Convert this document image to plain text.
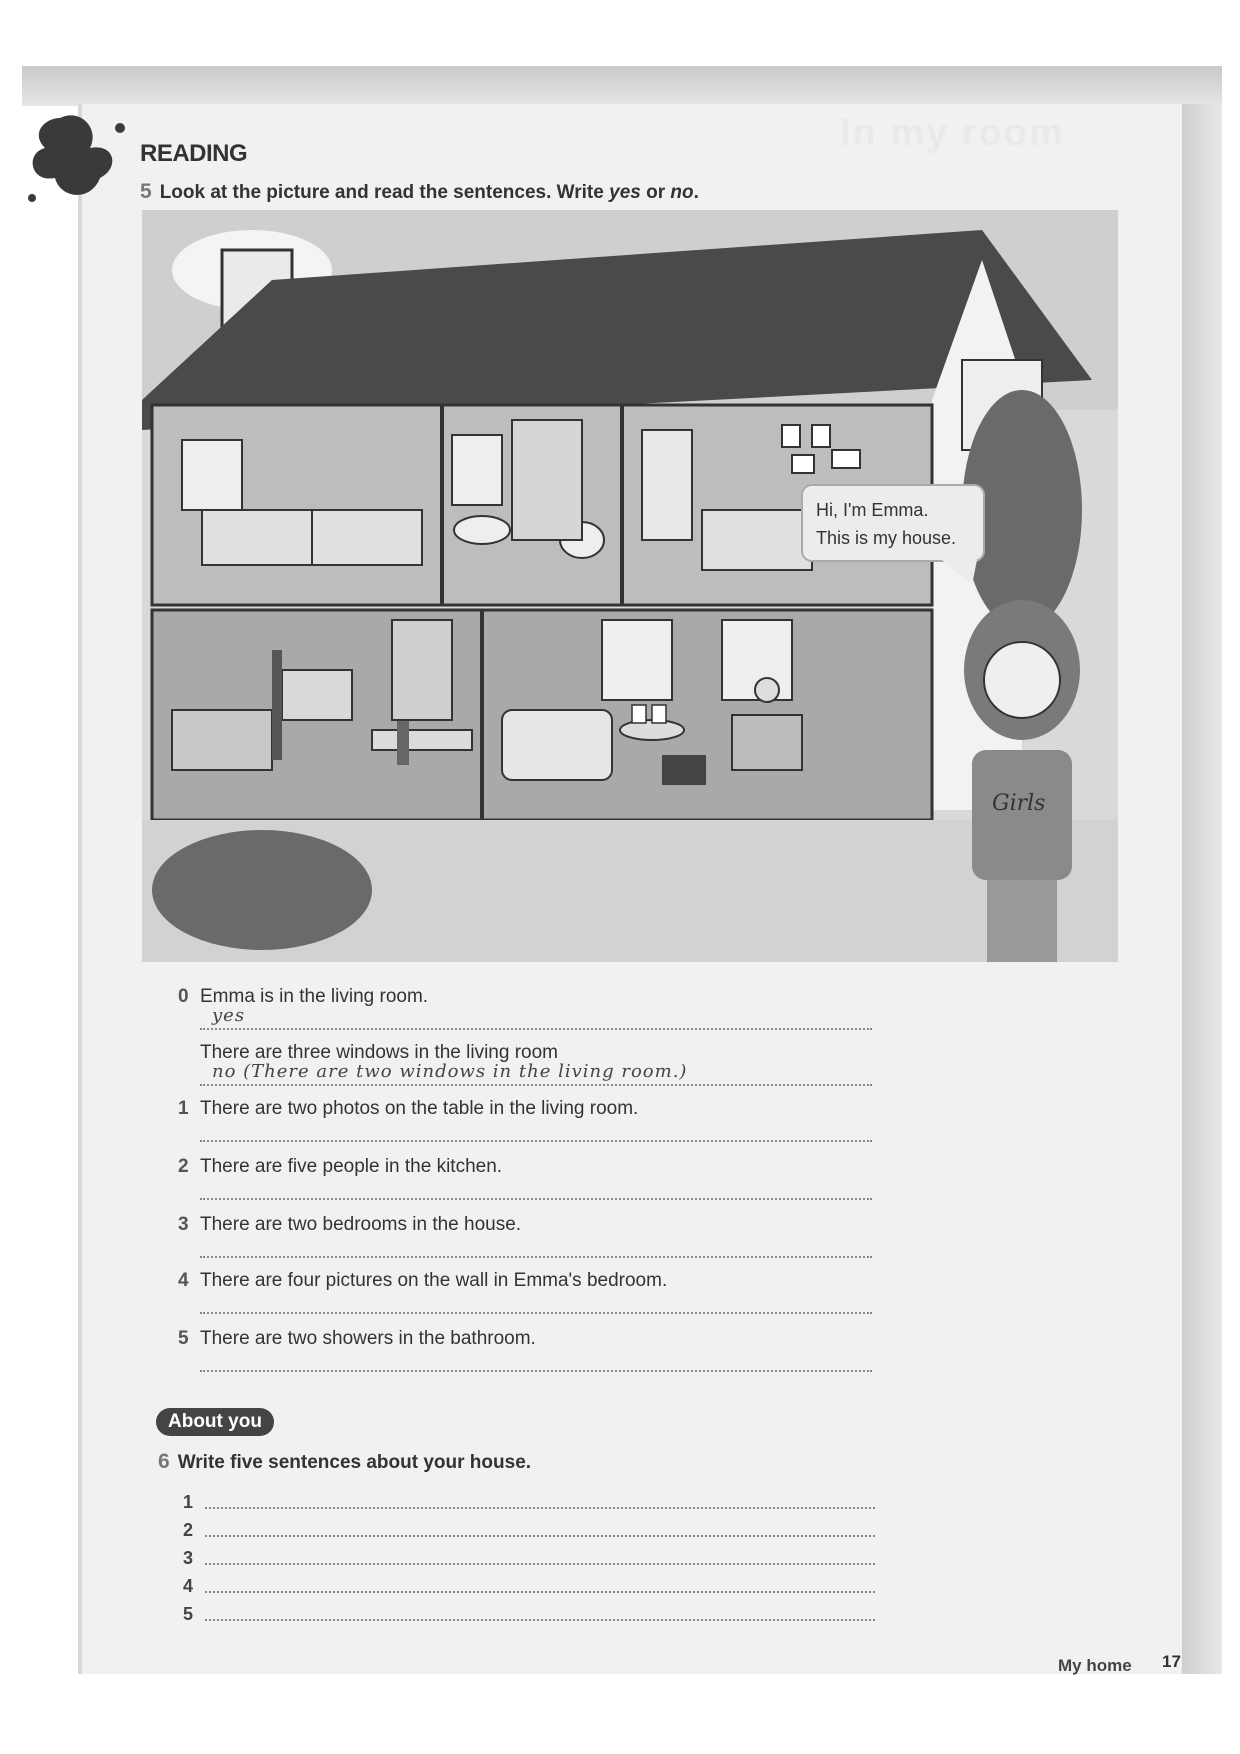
In my room
READING
5 Look at the picture and read the sentences. Write yes or no.
Girls
Hi, I'm Emma.
This is my house.
0 Emma is in the living room.
yes
There are three windows in the living room
no (There are two windows in the living room.)
1 There are two photos on the table in the living room.
2 There are five people in the kitchen.
3 There are two bedrooms in the house.
4 There are four pictures on the wall in Emma's bedroom.
5 There are two showers in the bathroom.
About you
6 Write five sentences about your house.
1
2
3
4
5
My home 17
